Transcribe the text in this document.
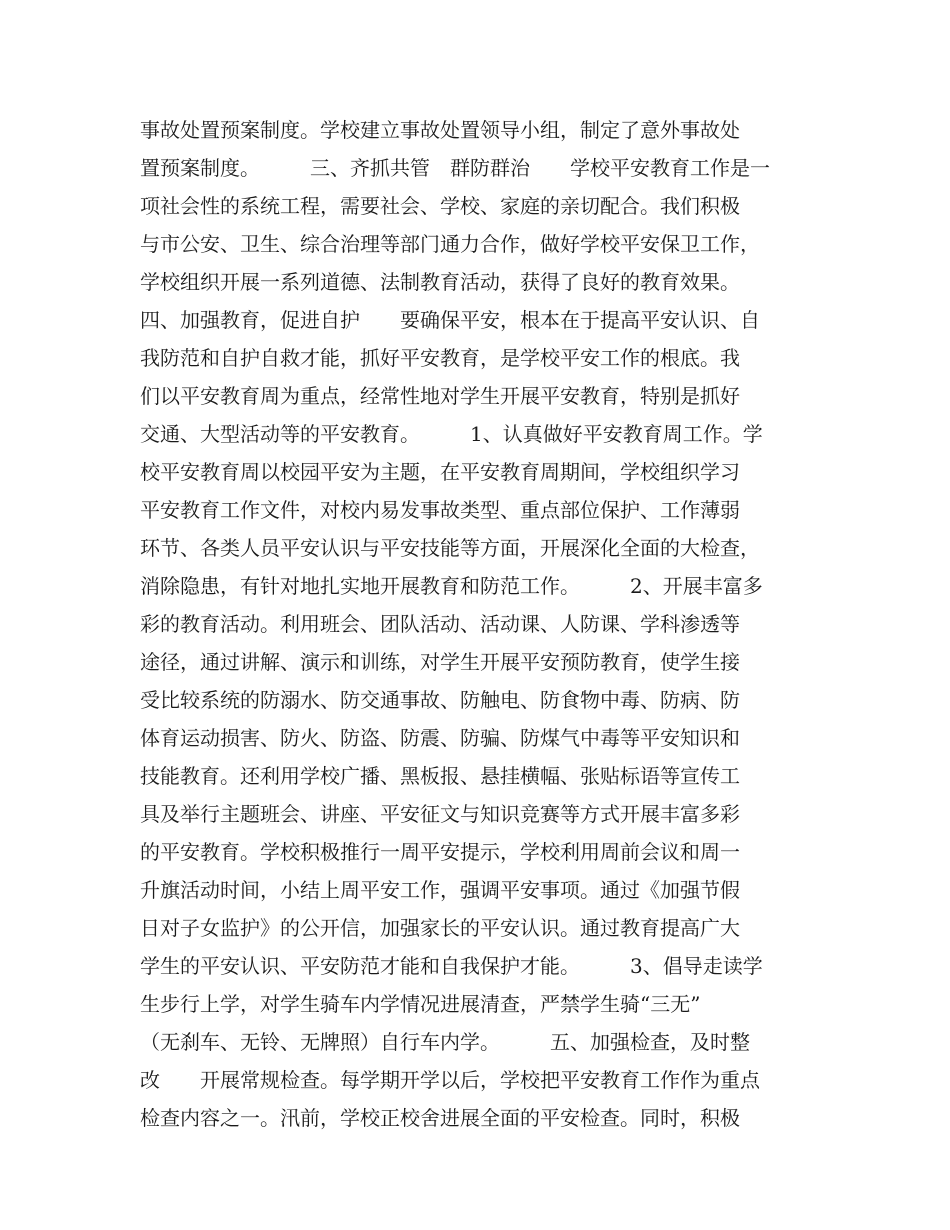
事故处置预案制度。学校建立事故处置领导小组，制定了意外事故处
置预案制度。　　　三、齐抓共管　群防群治　　学校平安教育工作是一
项社会性的系统工程，需要社会、学校、家庭的亲切配合。我们积极
与市公安、卫生、综合治理等部门通力合作，做好学校平安保卫工作，
学校组织开展一系列道德、法制教育活动，获得了良好的教育效果。
四、加强教育，促进自护　　要确保平安，根本在于提高平安认识、自
我防范和自护自救才能，抓好平安教育，是学校平安工作的根底。我
们以平安教育周为重点，经常性地对学生开展平安教育，特别是抓好
交通、大型活动等的平安教育。　　　1、认真做好平安教育周工作。学
校平安教育周以校园平安为主题，在平安教育周期间，学校组织学习
平安教育工作文件，对校内易发事故类型、重点部位保护、工作薄弱
环节、各类人员平安认识与平安技能等方面，开展深化全面的大检查，
消除隐患，有针对地扎实地开展教育和防范工作。　　　2、开展丰富多
彩的教育活动。利用班会、团队活动、活动课、人防课、学科渗透等
途径，通过讲解、演示和训练，对学生开展平安预防教育，使学生接
受比较系统的防溺水、防交通事故、防触电、防食物中毒、防病、防
体育运动损害、防火、防盗、防震、防骗、防煤气中毒等平安知识和
技能教育。还利用学校广播、黑板报、悬挂横幅、张贴标语等宣传工
具及举行主题班会、讲座、平安征文与知识竞赛等方式开展丰富多彩
的平安教育。学校积极推行一周平安提示，学校利用周前会议和周一
升旗活动时间，小结上周平安工作，强调平安事项。通过《加强节假
日对子女监护》的公开信，加强家长的平安认识。通过教育提高广大
学生的平安认识、平安防范才能和自我保护才能。　　　3、倡导走读学
生步行上学，对学生骑车内学情况进展清查，严禁学生骑“三无”
（无刹车、无铃、无牌照）自行车内学。　　　五、加强检查，及时整
改　　开展常规检查。每学期开学以后，学校把平安教育工作作为重点
检查内容之一。汛前，学校正校舍进展全面的平安检查。同时，积极
